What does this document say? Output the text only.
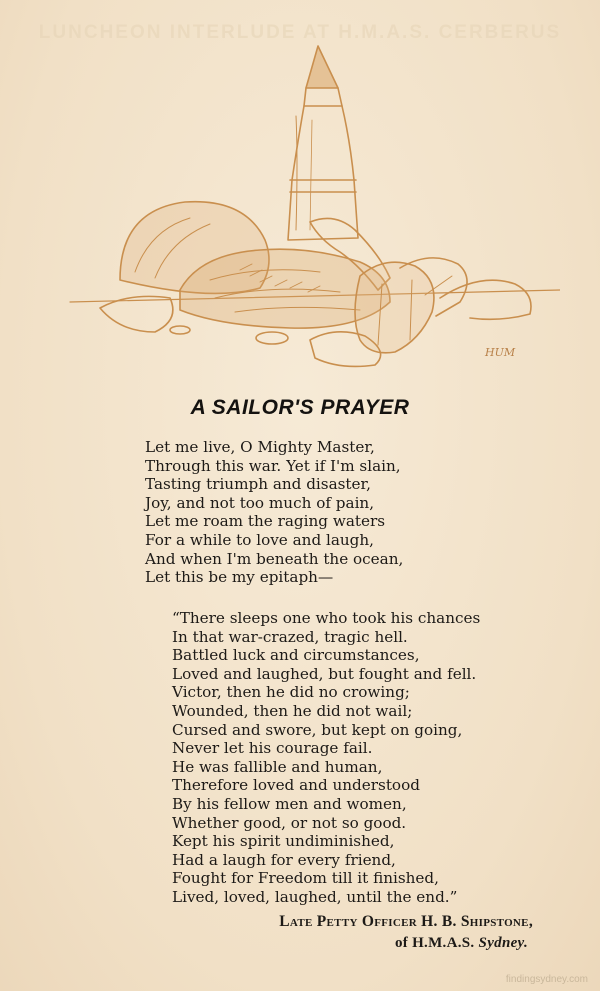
LUNCHEON INTERLUDE AT H.M.A.S. CERBERUS
HUM
A SAILOR'S PRAYER
Let me live, O Mighty Master,
Through this war. Yet if I'm slain,
Tasting triumph and disaster,
Joy, and not too much of pain,
Let me roam the raging waters
For a while to love and laugh,
And when I'm beneath the ocean,
Let this be my epitaph—
“There sleeps one who took his chances
In that war-crazed, tragic hell.
Battled luck and circumstances,
Loved and laughed, but fought and fell.
Victor, then he did no crowing;
Wounded, then he did not wail;
Cursed and swore, but kept on going,
Never let his courage fail.
He was fallible and human,
Therefore loved and understood
By his fellow men and women,
Whether good, or not so good.
Kept his spirit undiminished,
Had a laugh for every friend,
Fought for Freedom till it finished,
Lived, loved, laughed, until the end.”
Late Petty Officer H. B. Shipstone,
of H.M.A.S. Sydney.
findingsydney.com
